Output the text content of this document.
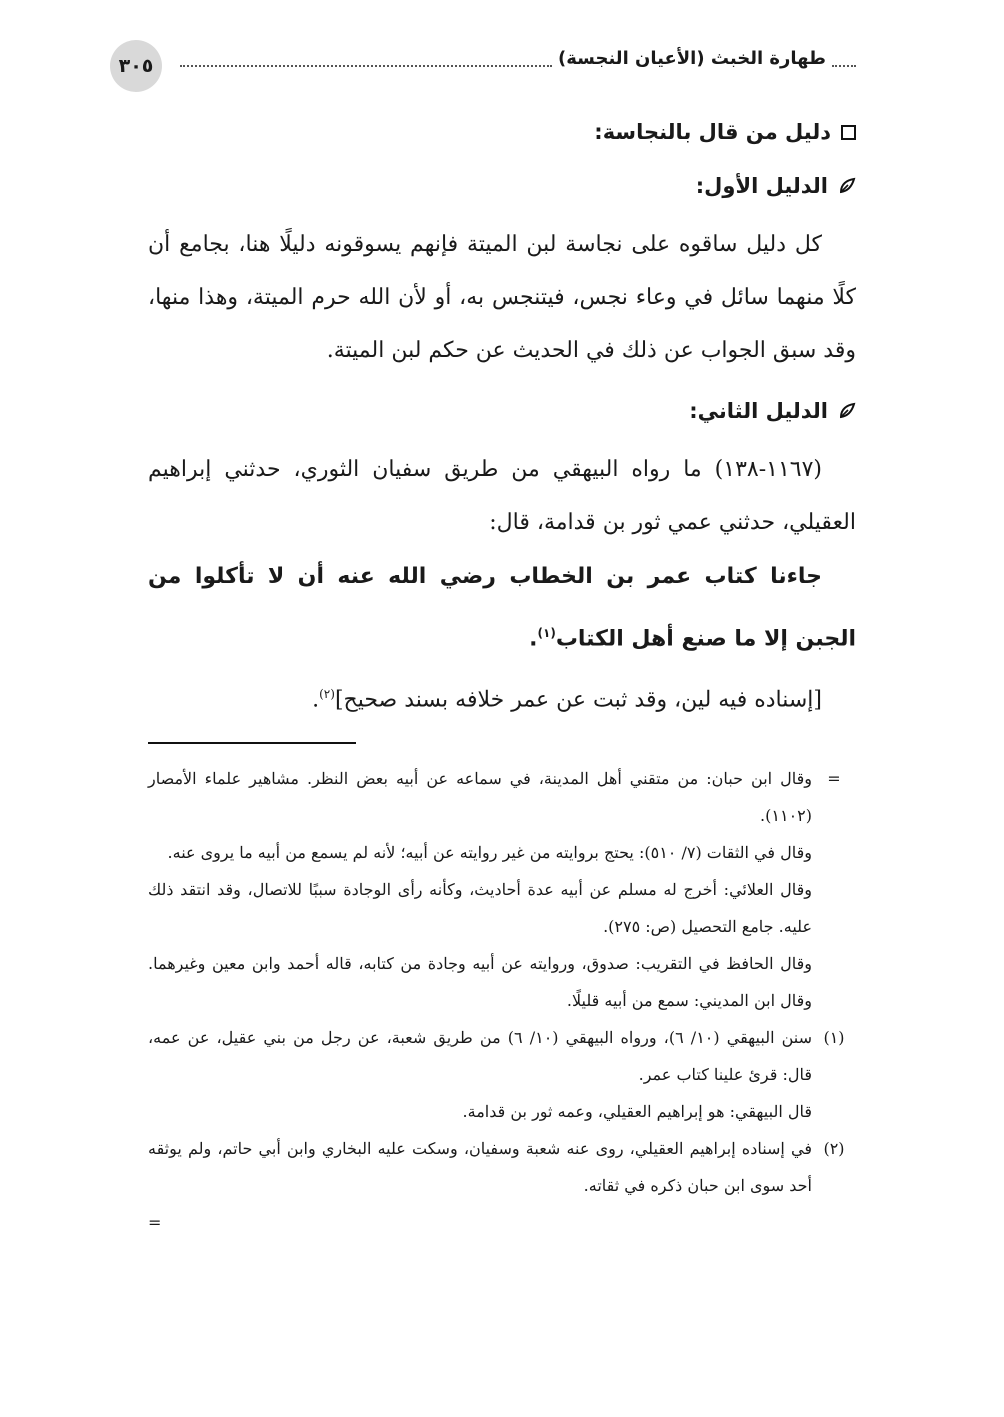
٣٠٥	طهارة الخبث (الأعيان النجسة)
دليل من قال بالنجاسة:
الدليل الأول:

كل دليل ساقوه على نجاسة لبن الميتة فإنهم يسوقونه دليلًا هنا، بجامع أن كلًا منهما سائل في وعاء نجس، فيتنجس به، أو لأن الله حرم الميتة، وهذا منها، وقد سبق الجواب عن ذلك في الحديث عن حكم لبن الميتة.

الدليل الثاني:

(١١٦٧-١٣٨) ما رواه البيهقي من طريق سفيان الثوري، حدثني إبراهيم العقيلي، حدثني عمي ثور بن قدامة، قال:

جاءنا كتاب عمر بن الخطاب رضي الله عنه أن لا تأكلوا من الجبن إلا ما صنع أهل الكتاب$^{(١)}$.

[إسناده فيه لين، وقد ثبت عن عمر خلافه بسند صحيح]$^{(٢)}$.

=

وقال ابن حبان: من متقني أهل المدينة، في سماعه عن أبيه بعض النظر. مشاهير علماء الأمصار (١١٠٢).

وقال في الثقات (٧/ ٥١٠): يحتج بروايته من غير روايته عن أبيه؛ لأنه لم يسمع من أبيه ما يروى عنه.

وقال العلائي: أخرج له مسلم عن أبيه عدة أحاديث، وكأنه رأى الوجادة سببًا للاتصال، وقد انتقد ذلك عليه. جامع التحصيل (ص: ٢٧٥).

وقال الحافظ في التقريب: صدوق، وروايته عن أبيه وجادة من كتابه، قاله أحمد وابن معين وغيرهما. وقال ابن المديني: سمع من أبيه قليلًا.

(١)

سنن البيهقي (١٠/ ٦)، ورواه البيهقي (١٠/ ٦) من طريق شعبة، عن رجل من بني عقيل، عن عمه، قال: قرئ علينا كتاب عمر.

قال البيهقي: هو إبراهيم العقيلي، وعمه ثور بن قدامة.

(٢)

في إسناده إبراهيم العقيلي، روى عنه شعبة وسفيان، وسكت عليه البخاري وابن أبي حاتم، ولم يوثقه أحد سوى ابن حبان ذكره في ثقاته.

=
